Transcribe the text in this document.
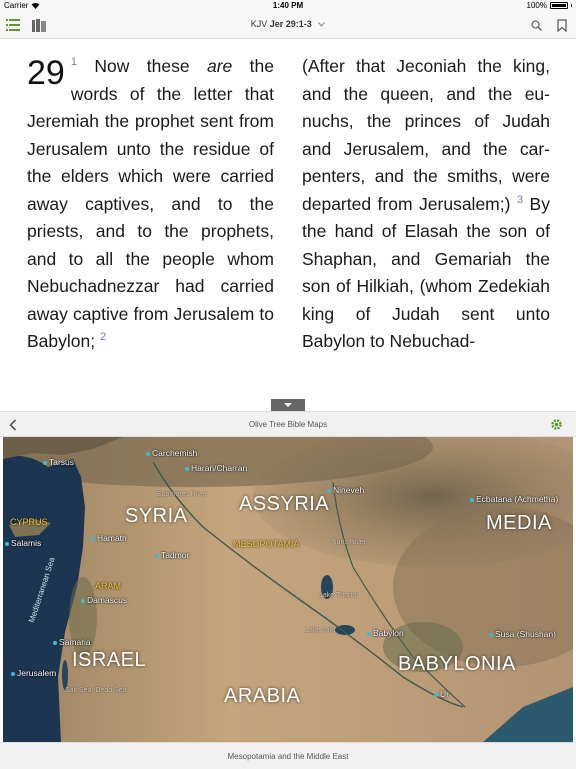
Carrier	1:40 PM	100%
KJV Jer 29:1-3
29 $^1$ Now these are the words of the letter that Jeremiah the prophet sent from Jerusalem unto the residue of the elders which were carried away captives, and to the priests, and to the prophets, and to all the people whom Nebuchadnezzar had carried away captive from Jerusalem to Babylon; $^2$
(After that Jeconiah the king, and the queen, and the eunuchs, the princes of Judah and Jerusalem, and the carpenters, and the smiths, were departed from Jerusalem;) $^3$ By the hand of Elasah the son of Shaphan, and Gemariah the son of Hilkiah, (whom Zedekiah king of Judah sent unto Babylon to Nebuchad-
Olive Tree Bible Maps
Tarsus
Carchemish
Haran/Charran
Nineveh
Ecbatana (Achmetha)
CYPRUS
Salamis
SYRIA
ASSYRIA
MEDIA
Hamath
Tadmor
MESOPOTAMIA
ARAM
Damascus
Mediterranean Sea
Samaria
ISRAEL
Jerusalem
Babylon	Susa (Shushan)
BABYLONIA
ARABIA	Ur
Euphrates River
Tigris River
Lake Thartar
Lake Milh
Salt Sea, Dead Sea
Mesopotamia and the Middle East
